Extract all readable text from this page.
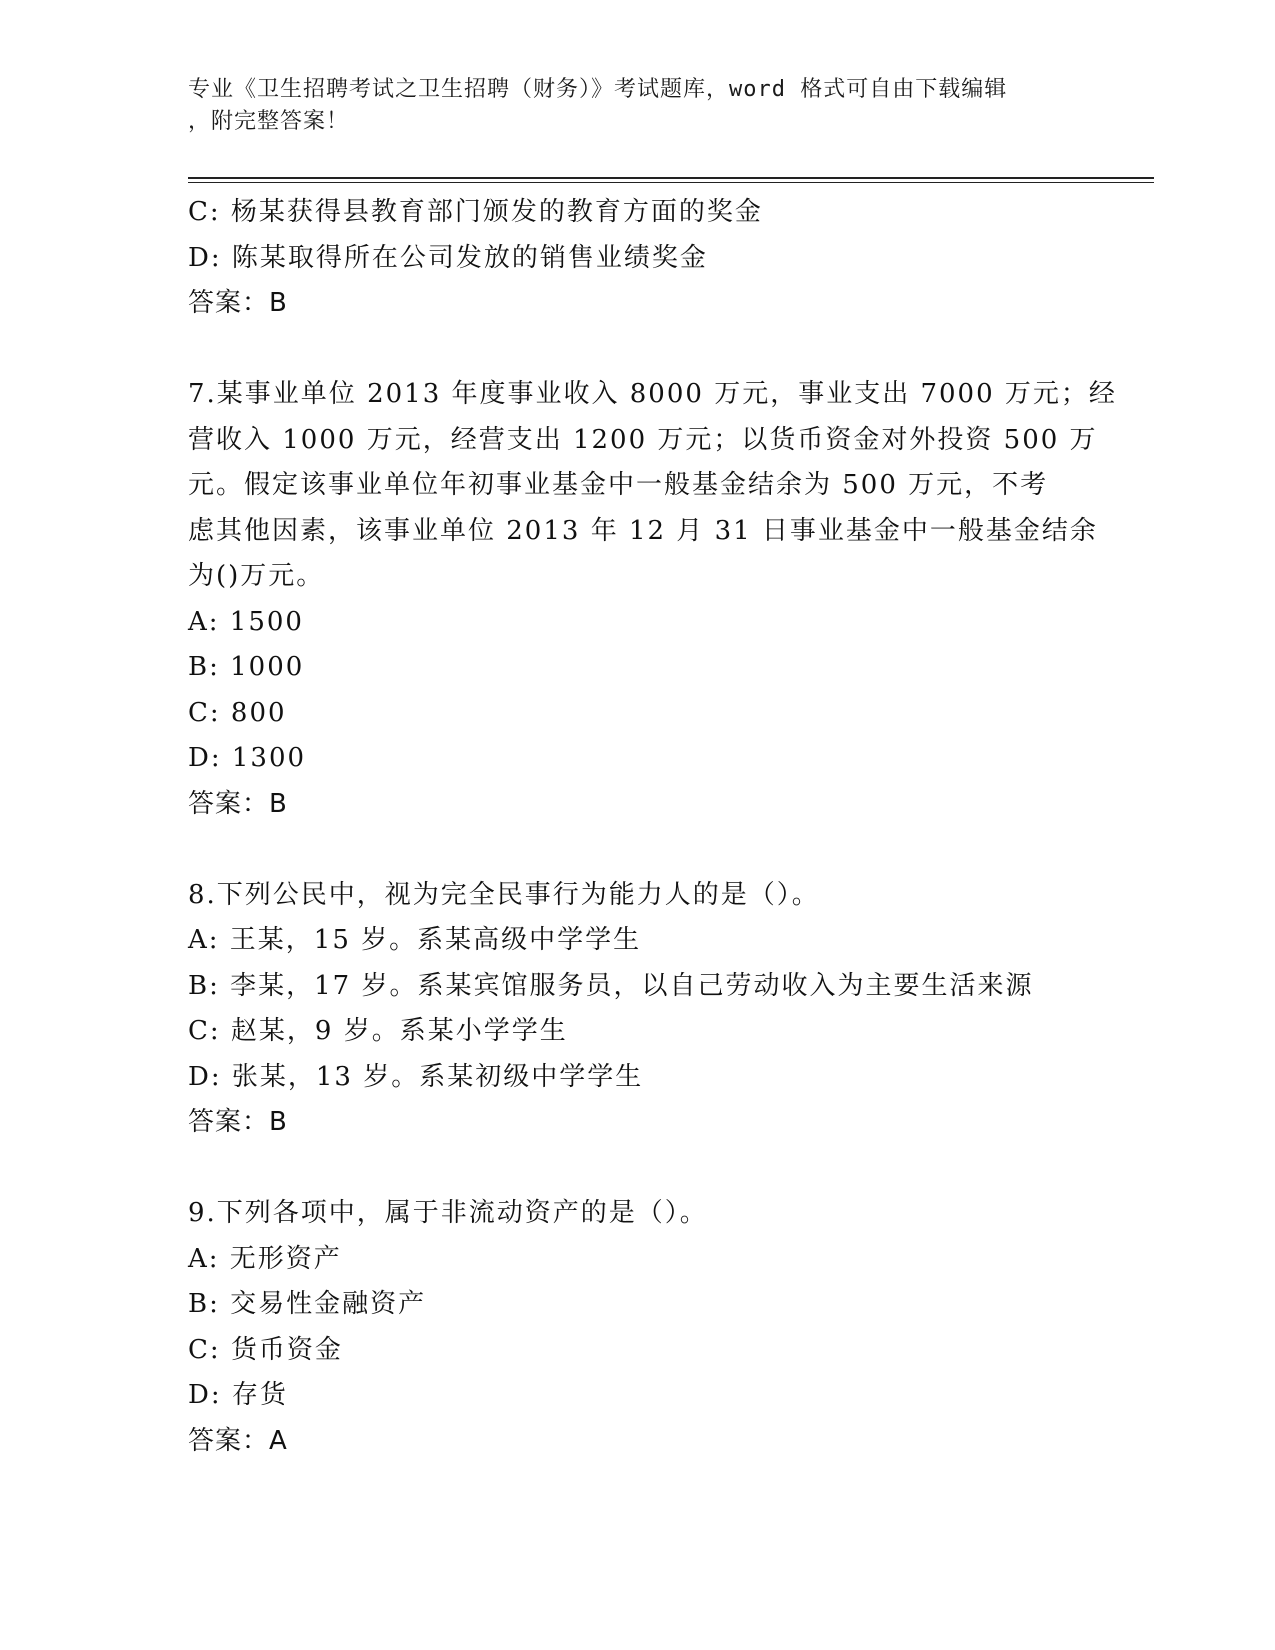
专业《卫生招聘考试之卫生招聘（财务）》考试题库，word 格式可自由下载编辑
，附完整答案！
C: 杨某获得县教育部门颁发的教育方面的奖金
D: 陈某取得所在公司发放的销售业绩奖金
答案：B
7.某事业单位 2013 年度事业收入 8000 万元，事业支出 7000 万元；经
营收入 1000 万元，经营支出 1200 万元；以货币资金对外投资 500 万
元。假定该事业单位年初事业基金中一般基金结余为 500 万元，不考
虑其他因素，该事业单位 2013 年 12 月 31 日事业基金中一般基金结余
为()万元。
A: 1500
B: 1000
C: 800
D: 1300
答案：B
8.下列公民中，视为完全民事行为能力人的是（）。
A: 王某，15 岁。系某高级中学学生
B: 李某，17 岁。系某宾馆服务员，以自己劳动收入为主要生活来源
C: 赵某，9 岁。系某小学学生
D: 张某，13 岁。系某初级中学学生
答案：B
9.下列各项中，属于非流动资产的是（）。
A: 无形资产
B: 交易性金融资产
C: 货币资金
D: 存货
答案：A
